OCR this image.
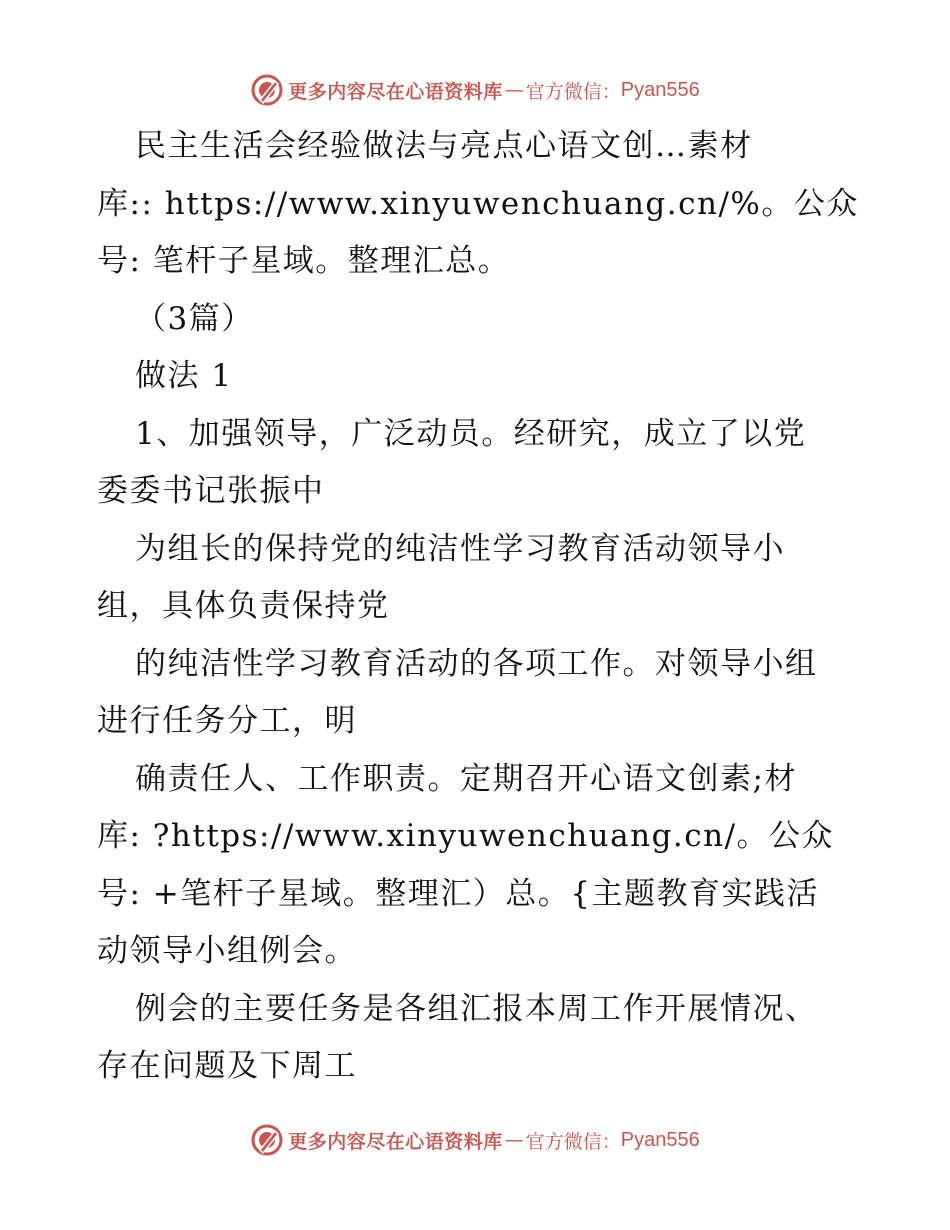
更多内容尽在心语资料库 — 官方微信： Pyan556
民主生活会经验做法与亮点心语文创…素材
库:: https://www.xinyuwenchuang.cn/%。公众
号: 笔杆子星域。整理汇总。
（3篇）
做法 1
1、加强领导，广泛动员。经研究，成立了以党
委委书记张振中
为组长的保持党的纯洁性学习教育活动领导小
组，具体负责保持党
的纯洁性学习教育活动的各项工作。对领导小组
进行任务分工，明
确责任人、工作职责。定期召开心语文创素;材
库: ?https://www.xinyuwenchuang.cn/。公众
号: +笔杆子星域。整理汇）总。{主题教育实践活
动领导小组例会。
例会的主要任务是各组汇报本周工作开展情况、
存在问题及下周工
更多内容尽在心语资料库 — 官方微信： Pyan556
